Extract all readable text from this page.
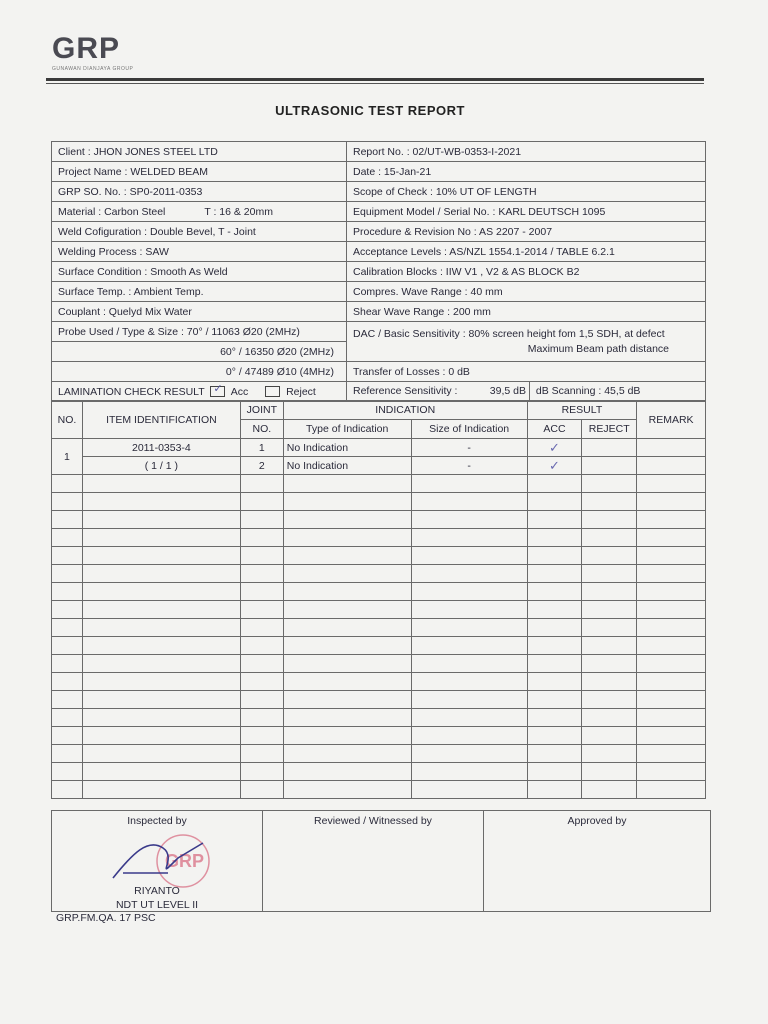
GRP
GUNAWAN DIANJAYA GROUP
ULTRASONIC TEST REPORT
Client : JHON JONES STEEL LTD	Report No. : 02/UT-WB-0353-I-2021
Project Name : WELDED BEAM	Date : 15-Jan-21
GRP SO. No. : SP0-2011-0353	Scope of Check : 10% UT OF LENGTH
Material : Carbon Steel T : 16 & 20mm	Equipment Model / Serial No. : KARL DEUTSCH 1095
Weld Cofiguration : Double Bevel, T - Joint	Procedure & Revision No : AS 2207 - 2007
Welding Process : SAW	Acceptance Levels : AS/NZL 1554.1-2014 / TABLE 6.2.1
Surface Condition : Smooth As Weld	Calibration Blocks : IIW V1 , V2 & AS BLOCK B2
Surface Temp. : Ambient Temp.	Compres. Wave Range : 40 mm
Couplant : Quelyd Mix Water	Shear Wave Range : 200 mm
Probe Used / Type & Size : 70° / 11063 Ø20 (2MHz)	DAC / Basic Sensitivity : 80% screen height fom 1,5 SDH, at defect
Maximum Beam path distance

60° / 16350 Ø20 (2MHz)	
0° / 47489 Ø10 (4MHz)	Transfer of Losses : 0 dB
LAMINATION CHECK RESULT ✓ Acc Reject	Reference Sensitivity : 39,5 dB dB Scanning : 45,5 dB
NO.	ITEM IDENTIFICATION	JOINT	INDICATION		RESULT		REMARK
		NO.	Type of Indication	Size of Indication	ACC	REJECT	
1	2011-0353-4	1	No Indication	-	✓		
	( 1 / 1 )	2	No Indication	-	✓		

Inspected by
GRP
RIYANTO
NDT UT LEVEL II

Reviewed / Witnessed by	Approved by
GRP.FM.QA. 17 PSC
